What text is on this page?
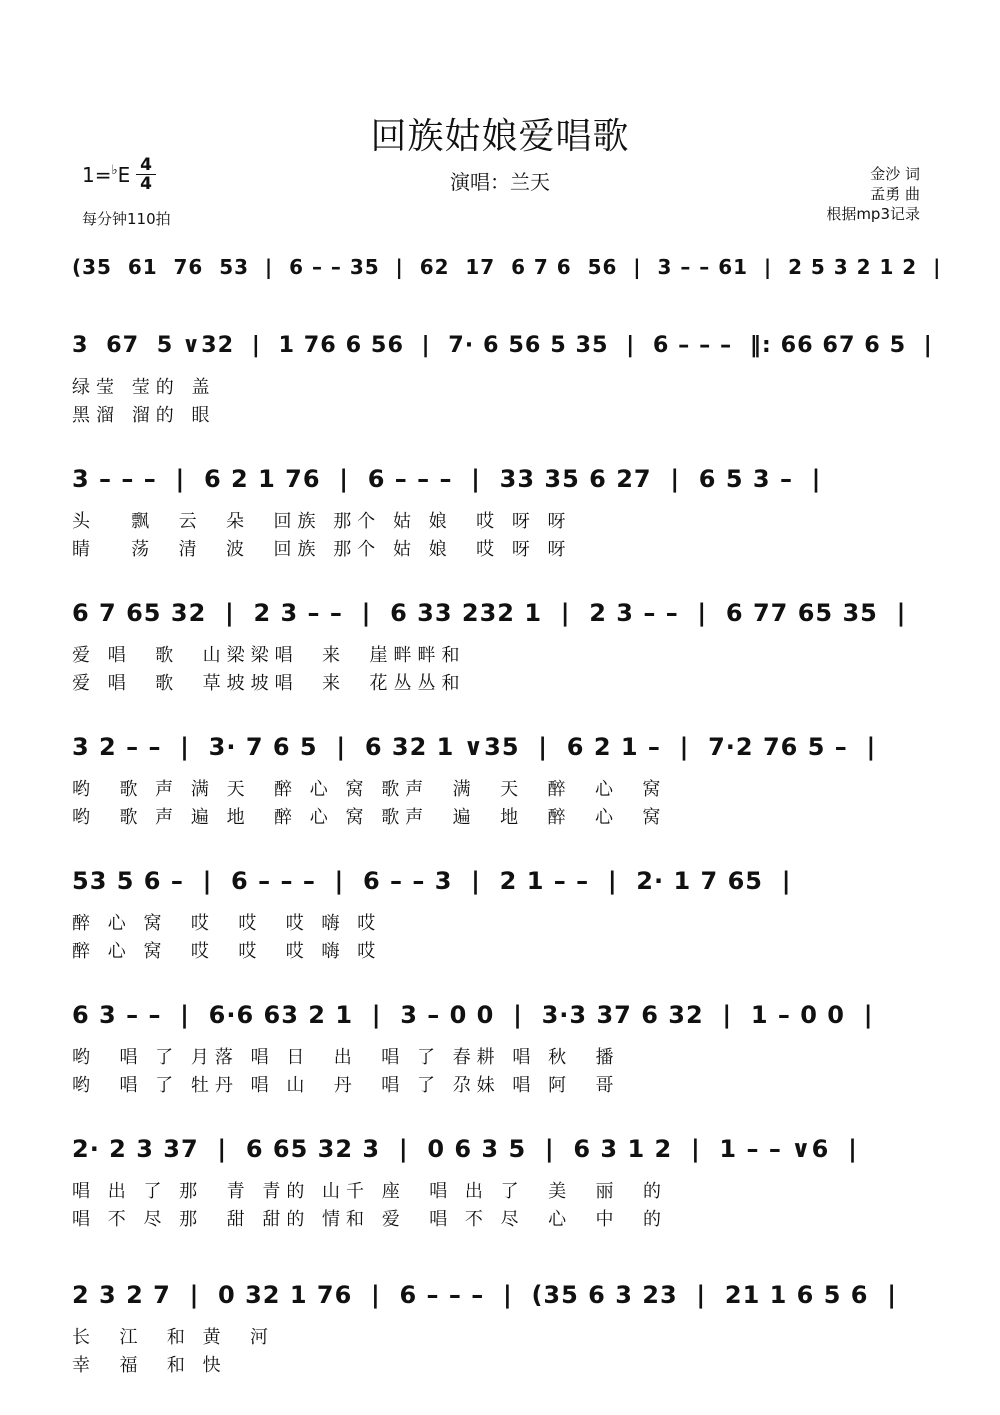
回族姑娘爱唱歌
1=♭E 4
4	演唱：兰天
每分钟110拍
金沙 词
孟勇 曲
根据mp3记录
(35  61  76  53  |  6 – – 35  |  62  17  6 7 6  56  |  3 – – 61  |  2 5 3 2 1 2  |
3  67  5 ∨32  |  1 76 6 56  |  7· 6 56 5 35  |  6 – – –  ‖: 66 67 6 5  |
绿莹 莹的 盖
黑溜 溜的 眼
3 – – –  |  6 2 1 76  |  6 – – –  |  33 35 6 27  |  6 5 3 –  |
头   飘  云  朵  回族 那个 姑 娘  哎 呀 呀
睛   荡  清  波  回族 那个 姑 娘  哎 呀 呀
6 7 65 32  |  2 3 – –  |  6 33 232 1  |  2 3 – –  |  6 77 65 35  |
爱 唱  歌  山梁梁唱  来  崖畔畔和
爱 唱  歌  草坡坡唱  来  花丛丛和
3 2 – –  |  3· 7 6 5  |  6 32 1 ∨35  |  6 2 1 –  |  7·2 76 5 –  |
哟  歌 声 满 天  醉 心 窝 歌声  满  天  醉  心  窝
哟  歌 声 遍 地  醉 心 窝 歌声  遍  地  醉  心  窝
53 5 6 –  |  6 – – –  |  6 – – 3  |  2 1 – –  |  2· 1 7 65  |
醉 心 窝  哎  哎  哎 嗨 哎
醉 心 窝  哎  哎  哎 嗨 哎
6 3 – –  |  6·6 63 2 1  |  3 – 0 0  |  3·3 37 6 32  |  1 – 0 0  |
哟  唱 了 月落 唱 日  出  唱 了 春耕 唱 秋  播
哟  唱 了 牡丹 唱 山  丹  唱 了 尕妹 唱 阿  哥
2· 2 3 37  |  6 65 32 3  |  0 6 3 5  |  6 3 1 2  |  1 – – ∨6  |
唱 出 了 那  青 青的 山千 座  唱 出 了  美  丽  的
唱 不 尽 那  甜 甜的 情和 爱  唱 不 尽  心  中  的
2 3 2 7  |  0 32 1 76  |  6 – – –  |  (35 6 3 23  |  21 1 6 5 6  |
长  江  和 黄  河
幸  福  和 快
